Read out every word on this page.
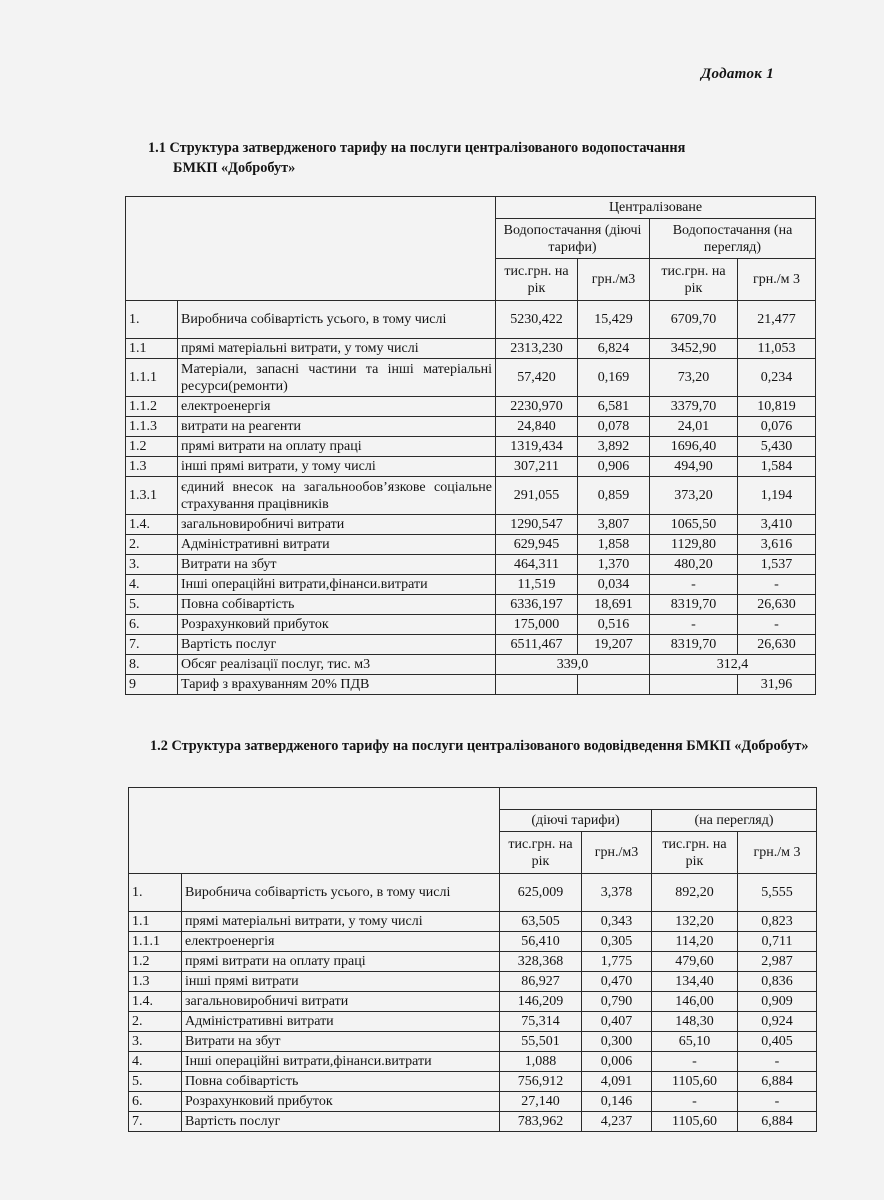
Додаток 1
1.1 Структура затвердженого тарифу на послуги централізованого водопостачання
БМКП «Добробут»
		Централізоване			
		Водопостачання (діючі тарифи)		Водопостачання (на перегляд)	
		тис.грн. на рік	грн./м3	тис.грн. на рік	грн./м 3
1.	Виробнича собівартість усього, в тому числі	5230,422	15,429	6709,70	21,477
1.1	прямі матеріальні витрати, у тому числі	2313,230	6,824	3452,90	11,053
1.1.1	Матеріали, запасні частини та інші матеріальні ресурси(ремонти)	57,420	0,169	73,20	0,234
1.1.2	електроенергія	2230,970	6,581	3379,70	10,819
1.1.3	витрати на реагенти	24,840	0,078	24,01	0,076
1.2	прямі витрати на оплату праці	1319,434	3,892	1696,40	5,430
1.3	інші прямі витрати, у тому числі	307,211	0,906	494,90	1,584
1.3.1	єдиний внесок на загальнообов’язкове соціальне страхування працівників	291,055	0,859	373,20	1,194
1.4.	загальновиробничі витрати	1290,547	3,807	1065,50	3,410
2.	Адміністративні витрати	629,945	1,858	1129,80	3,616
3.	Витрати на збут	464,311	1,370	480,20	1,537
4.	Інші операційні витрати,фінанси.витрати	11,519	0,034	-	-
5.	Повна собівартість	6336,197	18,691	8319,70	26,630
6.	Розрахунковий прибуток	175,000	0,516	-	-
7.	Вартість послуг	6511,467	19,207	8319,70	26,630
8.	Обсяг реалізації послуг, тис. м3	339,0		312,4	
9	Тариф з врахуванням 20% ПДВ				31,96
1.2 Структура затвердженого тарифу на послуги централізованого водовідведення БМКП «Добробут»

		(діючі тарифи)		(на перегляд)	
		тис.грн. на рік	грн./м3	тис.грн. на рік	грн./м 3
1.	Виробнича собівартість усього, в тому числі	625,009	3,378	892,20	5,555
1.1	прямі матеріальні витрати, у тому числі	63,505	0,343	132,20	0,823
1.1.1	електроенергія	56,410	0,305	114,20	0,711
1.2	прямі витрати на оплату праці	328,368	1,775	479,60	2,987
1.3	інші прямі витрати	86,927	0,470	134,40	0,836
1.4.	загальновиробничі витрати	146,209	0,790	146,00	0,909
2.	Адміністративні витрати	75,314	0,407	148,30	0,924
3.	Витрати на збут	55,501	0,300	65,10	0,405
4.	Інші операційні витрати,фінанси.витрати	1,088	0,006	-	-
5.	Повна собівартість	756,912	4,091	1105,60	6,884
6.	Розрахунковий прибуток	27,140	0,146	-	-
7.	Вартість послуг	783,962	4,237	1105,60	6,884
